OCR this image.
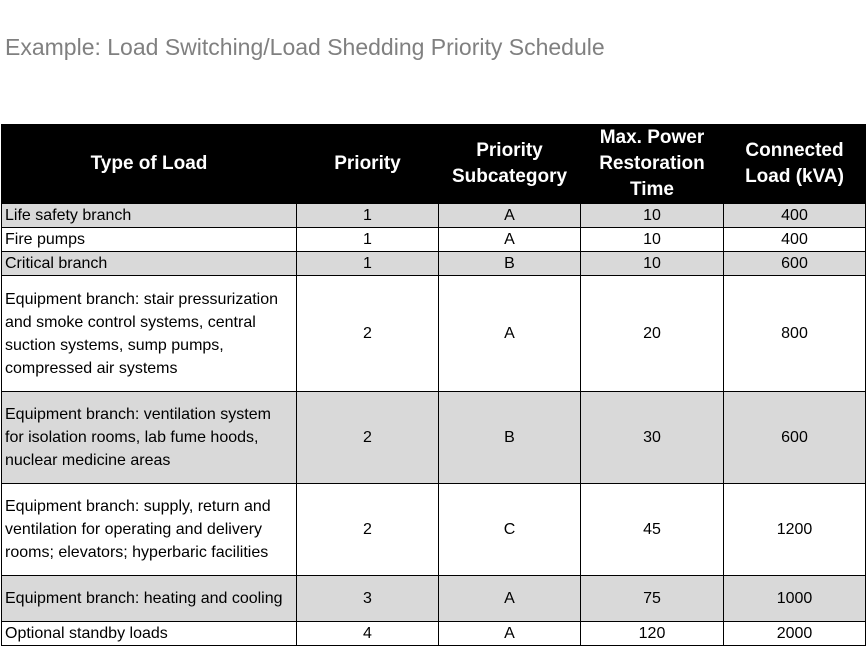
Example: Load Switching/Load Shedding Priority Schedule
Type of Load	Priority	Priority Subcategory	Max. Power Restoration Time	Connected Load (kVA)
Life safety branch	1	A	10	400
Fire pumps	1	A	10	400
Critical branch	1	B	10	600
Equipment branch: stair pressurization and smoke control systems, central suction systems, sump pumps, compressed air systems	2	A	20	800
Equipment branch: ventilation system for isolation rooms, lab fume hoods, nuclear medicine areas	2	B	30	600
Equipment branch: supply, return and ventilation for operating and delivery rooms; elevators; hyperbaric facilities	2	C	45	1200
Equipment branch: heating and cooling	3	A	75	1000
Optional standby loads	4	A	120	2000
